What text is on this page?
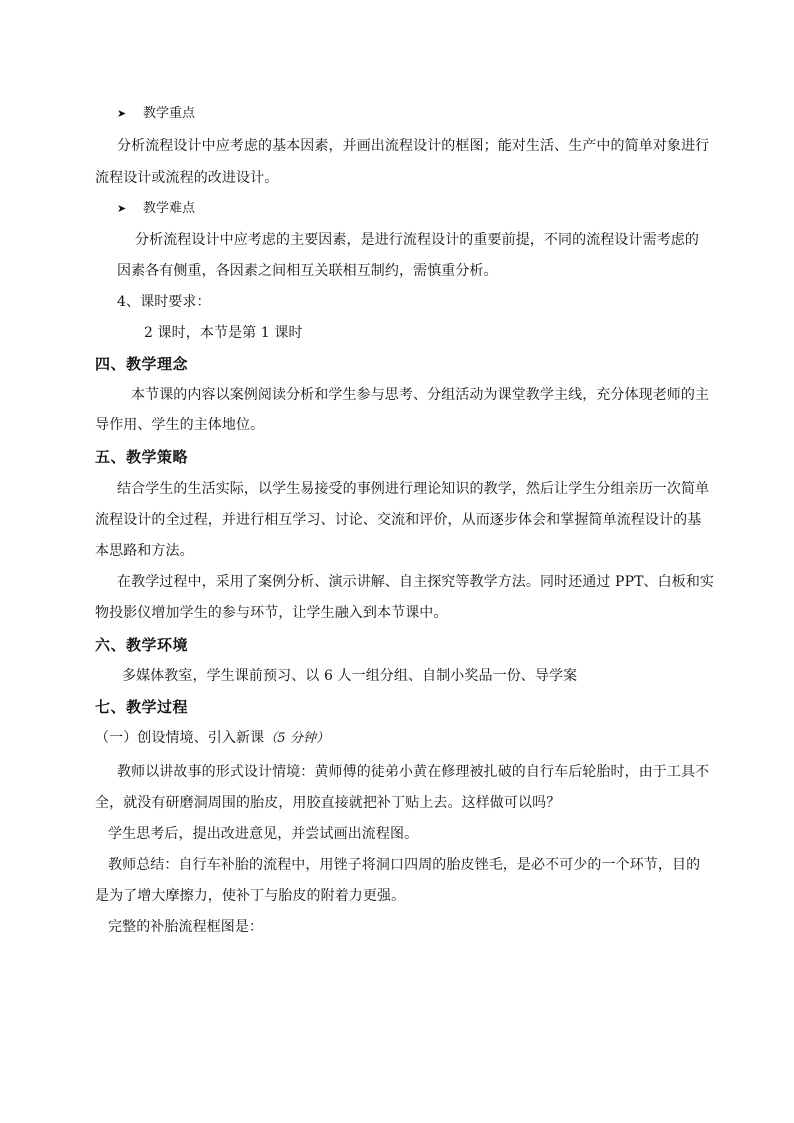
➤ 教学重点
分析流程设计中应考虑的基本因素，并画出流程设计的框图；能对生活、生产中的简单对象进行
流程设计或流程的改进设计。
➤ 教学难点
分析流程设计中应考虑的主要因素，是进行流程设计的重要前提，不同的流程设计需考虑的
因素各有侧重，各因素之间相互关联相互制约，需慎重分析。
4、课时要求：
2 课时，本节是第 1 课时
四、教学理念
本节课的内容以案例阅读分析和学生参与思考、分组活动为课堂教学主线，充分体现老师的主
导作用、学生的主体地位。
五、教学策略
结合学生的生活实际，以学生易接受的事例进行理论知识的教学，然后让学生分组亲历一次简单
流程设计的全过程，并进行相互学习、讨论、交流和评价，从而逐步体会和掌握简单流程设计的基
本思路和方法。
在教学过程中，采用了案例分析、演示讲解、自主探究等教学方法。同时还通过 PPT、白板和实
物投影仪增加学生的参与环节，让学生融入到本节课中。
六、教学环境
多媒体教室，学生课前预习、以 6 人一组分组、自制小奖品一份、导学案
七、教学过程
（一）创设情境、引入新课（5 分钟）
教师以讲故事的形式设计情境：黄师傅的徒弟小黄在修理被扎破的自行车后轮胎时，由于工具不
全，就没有研磨洞周围的胎皮，用胶直接就把补丁贴上去。这样做可以吗？
学生思考后，提出改进意见，并尝试画出流程图。
教师总结：自行车补胎的流程中，用锉子将洞口四周的胎皮锉毛，是必不可少的一个环节，目的
是为了增大摩擦力，使补丁与胎皮的附着力更强。
完整的补胎流程框图是：
